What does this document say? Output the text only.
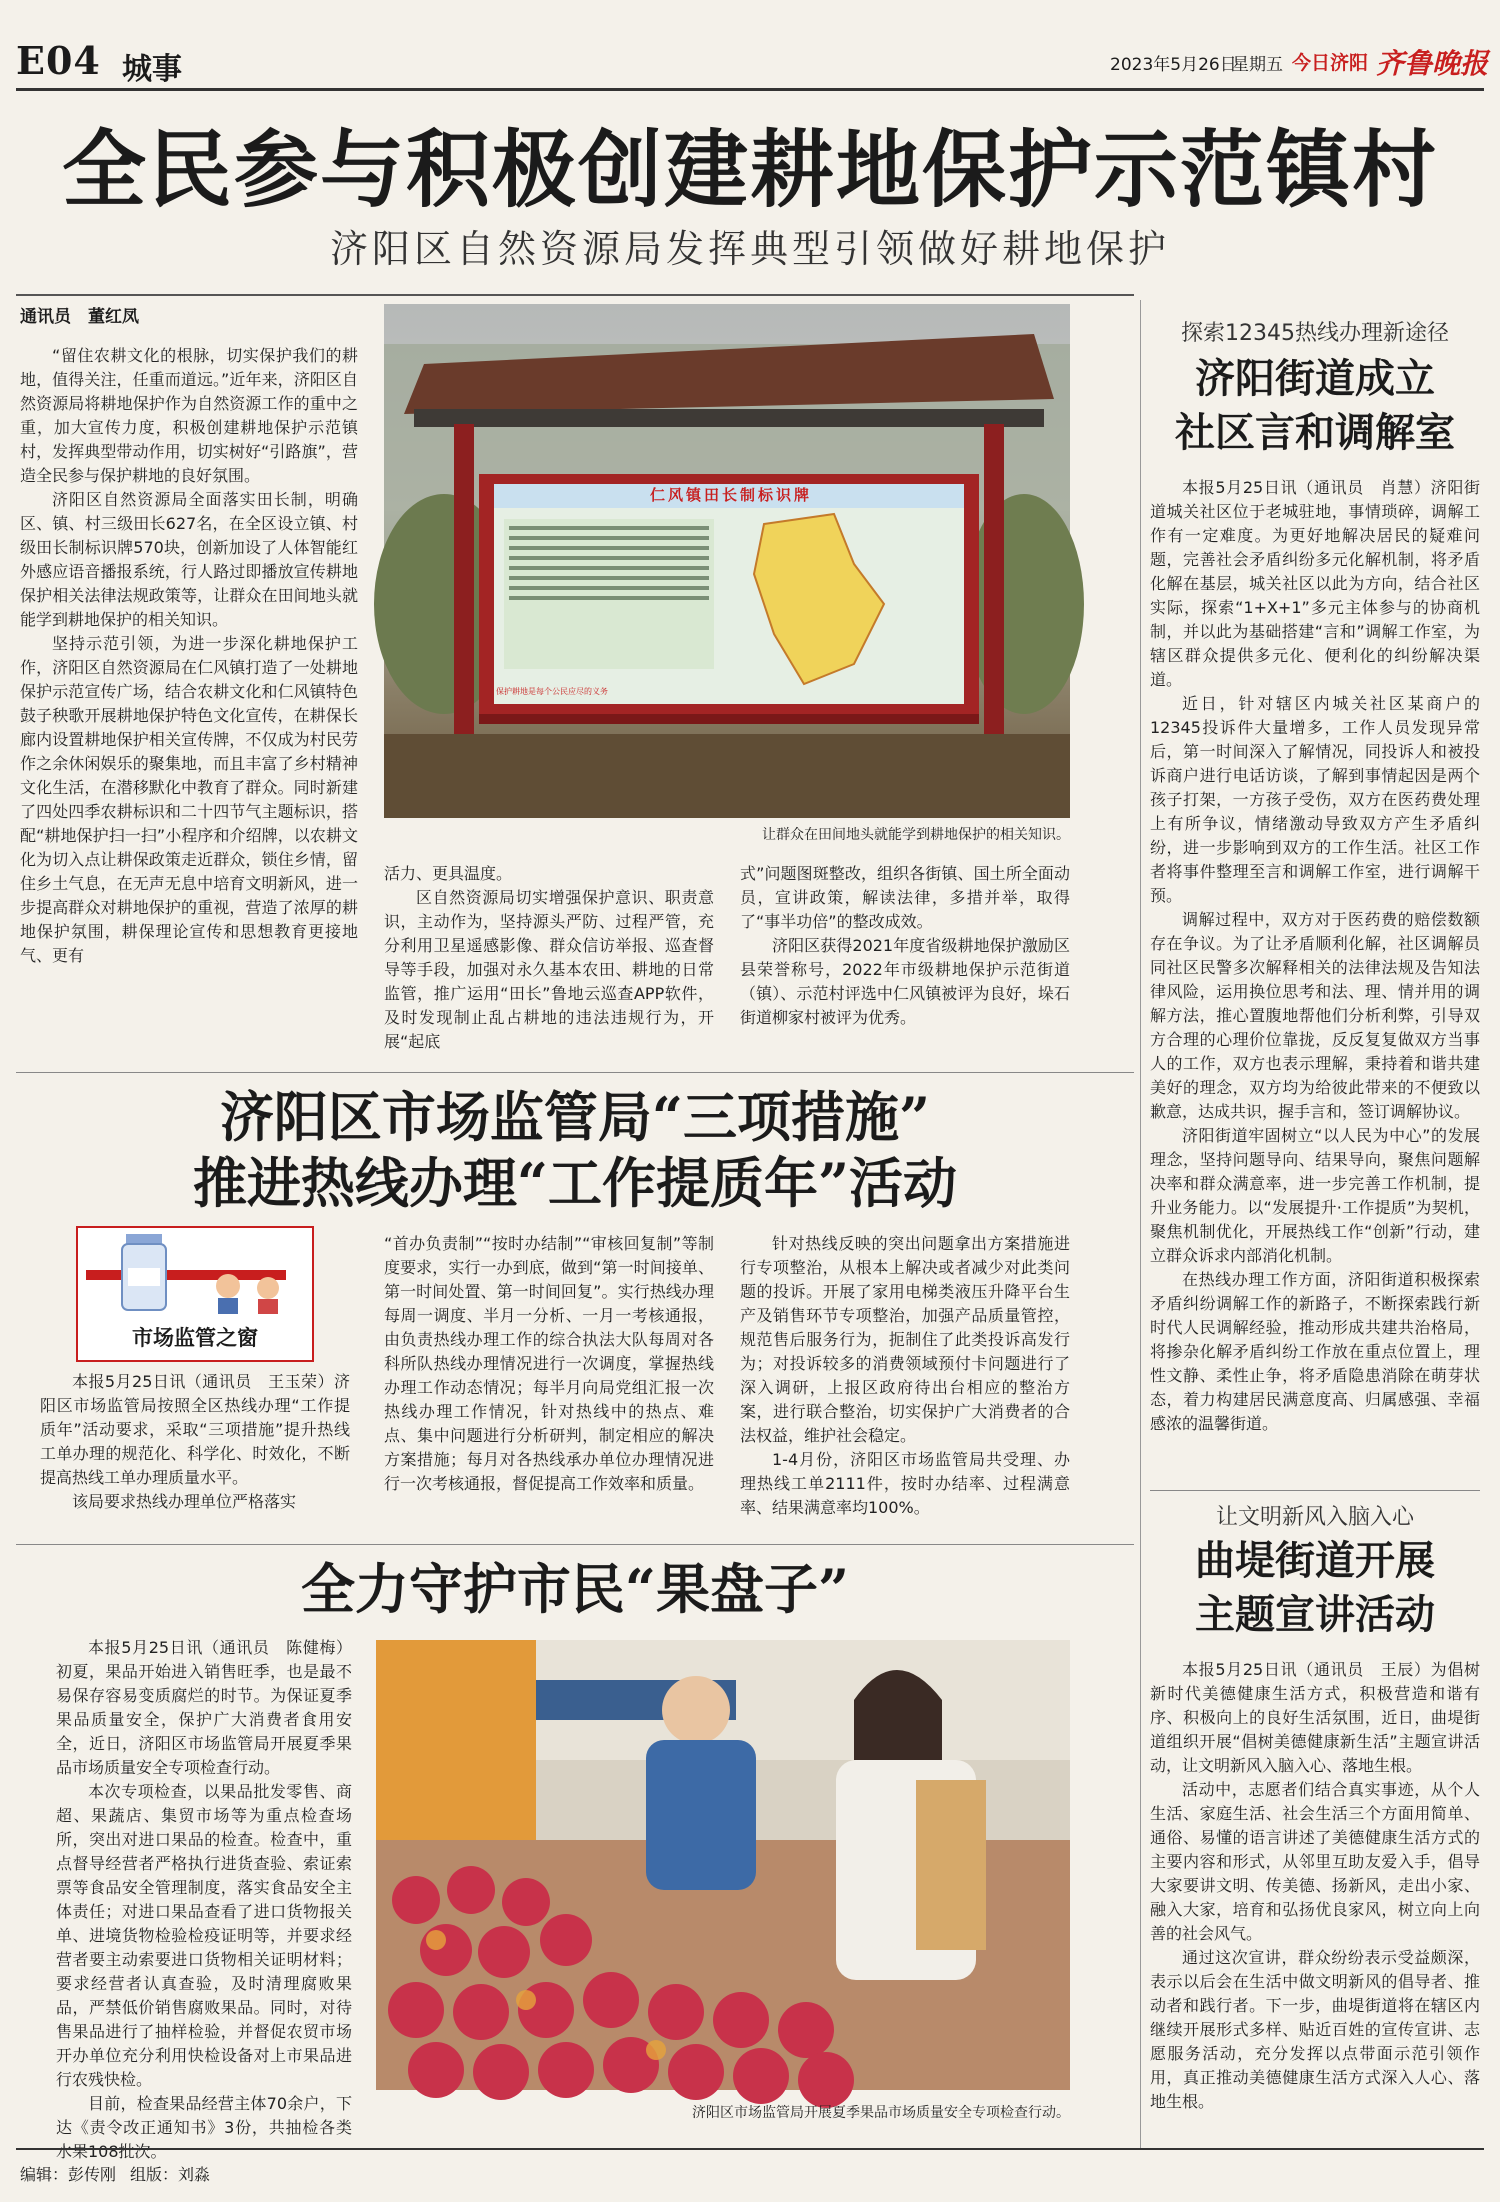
E04 城事	2023年5月26日
星期五 今日济阳 齐鲁晚报
全民参与积极创建耕地保护示范镇村
济阳区自然资源局发挥典型引领做好耕地保护
通讯员　董红凤

“留住农耕文化的根脉，切实保护我们的耕地，值得关注，任重而道远。”近年来，济阳区自然资源局将耕地保护作为自然资源工作的重中之重，加大宣传力度，积极创建耕地保护示范镇村，发挥典型带动作用，切实树好“引路旗”，营造全民参与保护耕地的良好氛围。

济阳区自然资源局全面落实田长制，明确区、镇、村三级田长627名，在全区设立镇、村级田长制标识牌570块，创新加设了人体智能红外感应语音播报系统，行人路过即播放宣传耕地保护相关法律法规政策等，让群众在田间地头就能学到耕地保护的相关知识。

坚持示范引领，为进一步深化耕地保护工作，济阳区自然资源局在仁风镇打造了一处耕地保护示范宣传广场，结合农耕文化和仁风镇特色鼓子秧歌开展耕地保护特色文化宣传，在耕保长廊内设置耕地保护相关宣传牌，不仅成为村民劳作之余休闲娱乐的聚集地，而且丰富了乡村精神文化生活，在潜移默化中教育了群众。同时新建了四处四季农耕标识和二十四节气主题标识，搭配“耕地保护扫一扫”小程序和介绍牌，以农耕文化为切入点让耕保政策走近群众，锁住乡情，留住乡土气息，在无声无息中培育文明新风，进一步提高群众对耕地保护的重视，营造了浓厚的耕地保护氛围，耕保理论宣传和思想教育更接地气、更有

仁风镇田长制标识牌
保护耕地是每个公民应尽的义务
让群众在田间地头就能学到耕地保护的相关知识。

活力、更具温度。

区自然资源局切实增强保护意识、职责意识，主动作为，坚持源头严防、过程严管，充分利用卫星遥感影像、群众信访举报、巡查督导等手段，加强对永久基本农田、耕地的日常监管，推广运用“田长”鲁地云巡查APP软件，及时发现制止乱占耕地的违法违规行为，开展“起底

式”问题图斑整改，组织各街镇、国土所全面动员，宣讲政策，解读法律，多措并举，取得了“事半功倍”的整改成效。

济阳区获得2021年度省级耕地保护激励区县荣誉称号，2022年市级耕地保护示范街道（镇）、示范村评选中仁风镇被评为良好，垛石街道柳家村被评为优秀。

济阳区市场监管局“三项措施”
推进热线办理“工作提质年”活动
市场监管之窗

本报5月25日讯（通讯员　王玉荣）济阳区市场监管局按照全区热线办理“工作提质年”活动要求，采取“三项措施”提升热线工单办理的规范化、科学化、时效化，不断提高热线工单办理质量水平。

该局要求热线办理单位严格落实

“首办负责制”“按时办结制”“审核回复制”等制度要求，实行一办到底，做到“第一时间接单、第一时间处置、第一时间回复”。实行热线办理每周一调度、半月一分析、一月一考核通报，由负责热线办理工作的综合执法大队每周对各科所队热线办理情况进行一次调度，掌握热线办理工作动态情况；每半月向局党组汇报一次热线办理工作情况，针对热线中的热点、难点、集中问题进行分析研判，制定相应的解决方案措施；每月对各热线承办单位办理情况进行一次考核通报，督促提高工作效率和质量。

针对热线反映的突出问题拿出方案措施进行专项整治，从根本上解决或者减少对此类问题的投诉。开展了家用电梯类液压升降平台生产及销售环节专项整治，加强产品质量管控，规范售后服务行为，扼制住了此类投诉高发行为；对投诉较多的消费领域预付卡问题进行了深入调研，上报区政府待出台相应的整治方案，进行联合整治，切实保护广大消费者的合法权益，维护社会稳定。

1-4月份，济阳区市场监管局共受理、办理热线工单2111件，按时办结率、过程满意率、结果满意率均100%。

全力守护市民“果盘子”

本报5月25日讯（通讯员　陈健梅）初夏，果品开始进入销售旺季，也是最不易保存容易变质腐烂的时节。为保证夏季果品质量安全，保护广大消费者食用安全，近日，济阳区市场监管局开展夏季果品市场质量安全专项检查行动。

本次专项检查，以果品批发零售、商超、果蔬店、集贸市场等为重点检查场所，突出对进口果品的检查。检查中，重点督导经营者严格执行进货查验、索证索票等食品安全管理制度，落实食品安全主体责任；对进口果品查看了进口货物报关单、进境货物检验检疫证明等，并要求经营者要主动索要进口货物相关证明材料；要求经营者认真查验，及时清理腐败果品，严禁低价销售腐败果品。同时，对待售果品进行了抽样检验，并督促农贸市场开办单位充分利用快检设备对上市果品进行农残快检。

目前，检查果品经营主体70余户，下达《责令改正通知书》3份，共抽检各类水果108批次。

济阳区市场监管局开展夏季果品市场质量安全专项检查行动。
探索12345热线办理新途径
济阳街道成立
社区言和调解室

本报5月25日讯（通讯员　肖慧）济阳街道城关社区位于老城驻地，事情琐碎，调解工作有一定难度。为更好地解决居民的疑难问题，完善社会矛盾纠纷多元化解机制，将矛盾化解在基层，城关社区以此为方向，结合社区实际，探索“1+X+1”多元主体参与的协商机制，并以此为基础搭建“言和”调解工作室，为辖区群众提供多元化、便利化的纠纷解决渠道。

近日，针对辖区内城关社区某商户的12345投诉件大量增多，工作人员发现异常后，第一时间深入了解情况，同投诉人和被投诉商户进行电话访谈，了解到事情起因是两个孩子打架，一方孩子受伤，双方在医药费处理上有所争议，情绪激动导致双方产生矛盾纠纷，进一步影响到双方的工作生活。社区工作者将事件整理至言和调解工作室，进行调解干预。

调解过程中，双方对于医药费的赔偿数额存在争议。为了让矛盾顺利化解，社区调解员同社区民警多次解释相关的法律法规及告知法律风险，运用换位思考和法、理、情并用的调解方法，推心置腹地帮他们分析利弊，引导双方合理的心理价位靠拢，反反复复做双方当事人的工作，双方也表示理解，秉持着和谐共建美好的理念，双方均为给彼此带来的不便致以歉意，达成共识，握手言和，签订调解协议。

济阳街道牢固树立“以人民为中心”的发展理念，坚持问题导向、结果导向，聚焦问题解决率和群众满意率，进一步完善工作机制，提升业务能力。以“发展提升·工作提质”为契机，聚焦机制优化，开展热线工作“创新”行动，建立群众诉求内部消化机制。

在热线办理工作方面，济阳街道积极探索矛盾纠纷调解工作的新路子，不断探索践行新时代人民调解经验，推动形成共建共治格局，将掺杂化解矛盾纠纷工作放在重点位置上，理性文静、柔性止争，将矛盾隐患消除在萌芽状态，着力构建居民满意度高、归属感强、幸福感浓的温馨街道。

让文明新风入脑入心
曲堤街道开展
主题宣讲活动

本报5月25日讯（通讯员　王辰）为倡树新时代美德健康生活方式，积极营造和谐有序、积极向上的良好生活氛围，近日，曲堤街道组织开展“倡树美德健康新生活”主题宣讲活动，让文明新风入脑入心、落地生根。

活动中，志愿者们结合真实事迹，从个人生活、家庭生活、社会生活三个方面用简单、通俗、易懂的语言讲述了美德健康生活方式的主要内容和形式，从邻里互助友爱入手，倡导大家要讲文明、传美德、扬新风，走出小家、融入大家，培育和弘扬优良家风，树立向上向善的社会风气。

通过这次宣讲，群众纷纷表示受益颇深，表示以后会在生活中做文明新风的倡导者、推动者和践行者。下一步，曲堤街道将在辖区内继续开展形式多样、贴近百姓的宣传宣讲、志愿服务活动，充分发挥以点带面示范引领作用，真正推动美德健康生活方式深入人心、落地生根。

编辑：彭传刚 组版：刘淼
